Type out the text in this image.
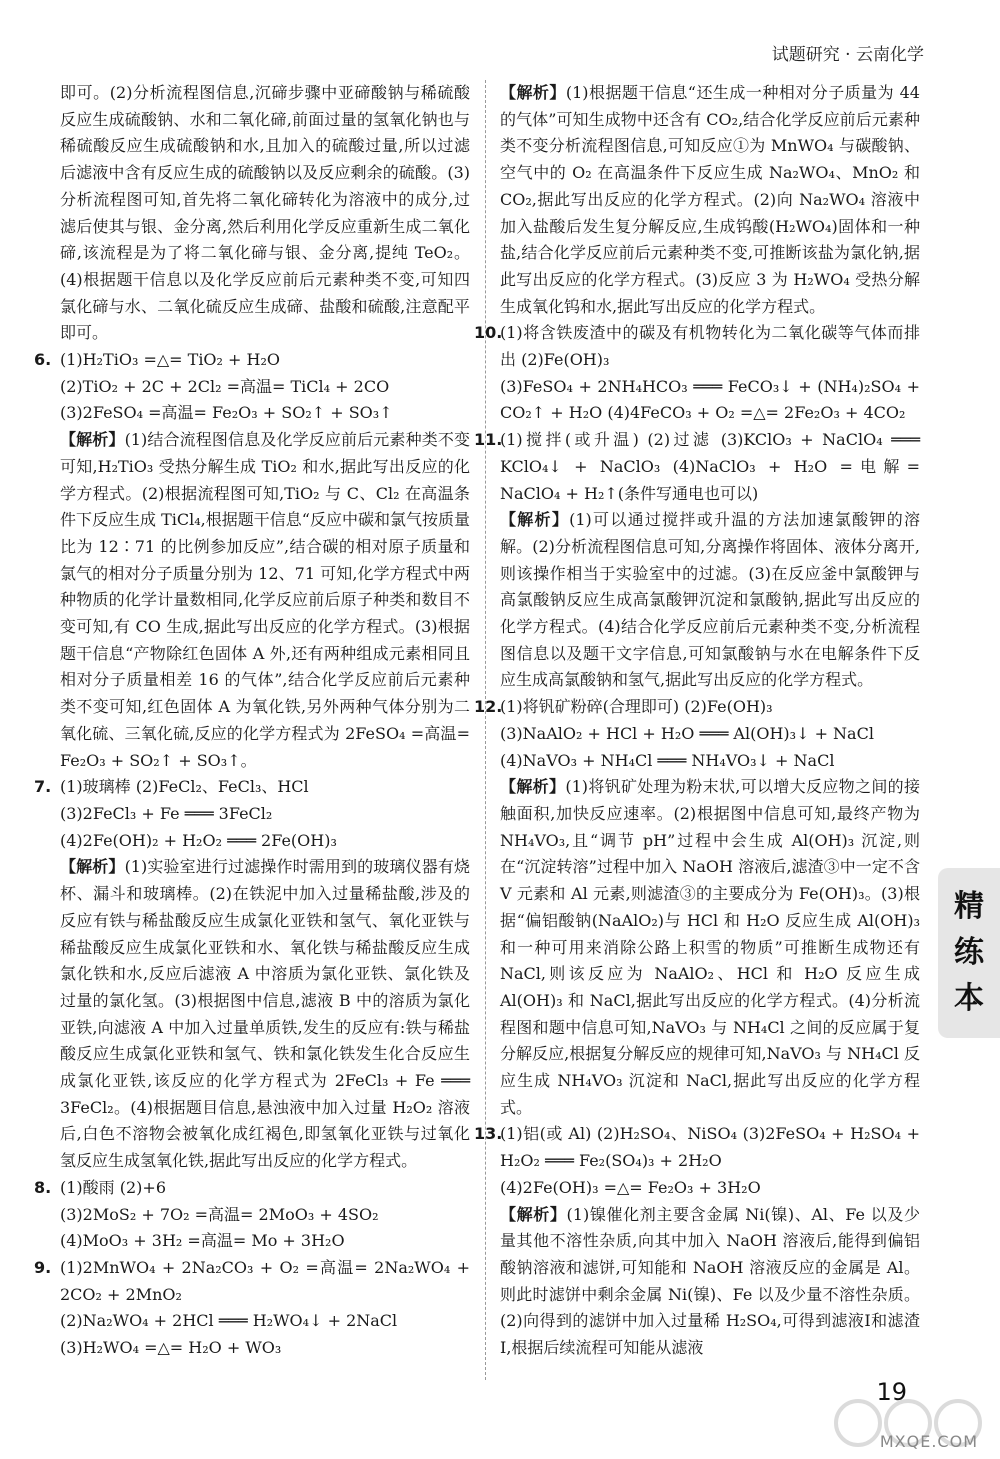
试题研究 · 云南化学

即可。(2)分析流程图信息,沉碲步骤中亚碲酸钠与稀硫酸反应生成硫酸钠、水和二氧化碲,前面过量的氢氧化钠也与稀硫酸反应生成硫酸钠和水,且加入的硫酸过量,所以过滤后滤液中含有反应生成的硫酸钠以及反应剩余的硫酸。(3)分析流程图可知,首先将二氧化碲转化为溶液中的成分,过滤后使其与银、金分离,然后利用化学反应重新生成二氧化碲,该流程是为了将二氧化碲与银、金分离,提纯 TeO₂。(4)根据题干信息以及化学反应前后元素种类不变,可知四氯化碲与水、二氧化硫反应生成碲、盐酸和硫酸,注意配平即可。

6. (1)H₂TiO₃ =△= TiO₂ + H₂O
(2)TiO₂ + 2C + 2Cl₂ =高温= TiCl₄ + 2CO
(3)2FeSO₄ =高温= Fe₂O₃ + SO₂↑ + SO₃↑

【解析】(1)结合流程图信息及化学反应前后元素种类不变可知,H₂TiO₃ 受热分解生成 TiO₂ 和水,据此写出反应的化学方程式。(2)根据流程图可知,TiO₂ 与 C、Cl₂ 在高温条件下反应生成 TiCl₄,根据题干信息“反应中碳和氯气按质量比为 12∶71 的比例参加反应”,结合碳的相对原子质量和氯气的相对分子质量分别为 12、71 可知,化学方程式中两种物质的化学计量数相同,化学反应前后原子种类和数目不变可知,有 CO 生成,据此写出反应的化学方程式。(3)根据题干信息“产物除红色固体 A 外,还有两种组成元素相同且相对分子质量相差 16 的气体”,结合化学反应前后元素种类不变可知,红色固体 A 为氧化铁,另外两种气体分别为二氧化硫、三氧化硫,反应的化学方程式为 2FeSO₄ =高温= Fe₂O₃ + SO₂↑ + SO₃↑。

7. (1)玻璃棒 (2)FeCl₂、FeCl₃、HCl
(3)2FeCl₃ + Fe ═══ 3FeCl₂
(4)2Fe(OH)₂ + H₂O₂ ═══ 2Fe(OH)₃

【解析】(1)实验室进行过滤操作时需用到的玻璃仪器有烧杯、漏斗和玻璃棒。(2)在铁泥中加入过量稀盐酸,涉及的反应有铁与稀盐酸反应生成氯化亚铁和氢气、氧化亚铁与稀盐酸反应生成氯化亚铁和水、氧化铁与稀盐酸反应生成氯化铁和水,反应后滤液 A 中溶质为氯化亚铁、氯化铁及过量的氯化氢。(3)根据图中信息,滤液 B 中的溶质为氯化亚铁,向滤液 A 中加入过量单质铁,发生的反应有:铁与稀盐酸反应生成氯化亚铁和氢气、铁和氯化铁发生化合反应生成氯化亚铁,该反应的化学方程式为 2FeCl₃ + Fe ═══ 3FeCl₂。(4)根据题目信息,悬浊液中加入过量 H₂O₂ 溶液后,白色不溶物会被氧化成红褐色,即氢氧化亚铁与过氧化氢反应生成氢氧化铁,据此写出反应的化学方程式。

8. (1)酸雨 (2)+6
(3)2MoS₂ + 7O₂ =高温= 2MoO₃ + 4SO₂
(4)MoO₃ + 3H₂ =高温= Mo + 3H₂O
9. (1)2MnWO₄ + 2Na₂CO₃ + O₂ =高温= 2Na₂WO₄ + 2CO₂ + 2MnO₂
(2)Na₂WO₄ + 2HCl ═══ H₂WO₄↓ + 2NaCl
(3)H₂WO₄ =△= H₂O + WO₃

【解析】(1)根据题干信息“还生成一种相对分子质量为 44 的气体”可知生成物中还含有 CO₂,结合化学反应前后元素种类不变分析流程图信息,可知反应①为 MnWO₄ 与碳酸钠、空气中的 O₂ 在高温条件下反应生成 Na₂WO₄、MnO₂ 和 CO₂,据此写出反应的化学方程式。(2)向 Na₂WO₄ 溶液中加入盐酸后发生复分解反应,生成钨酸(H₂WO₄)固体和一种盐,结合化学反应前后元素种类不变,可推断该盐为氯化钠,据此写出反应的化学方程式。(3)反应 3 为 H₂WO₄ 受热分解生成氧化钨和水,据此写出反应的化学方程式。

10.
(1)将含铁废渣中的碳及有机物转化为二氧化碳等气体而排出 (2)Fe(OH)₃
(3)FeSO₄ + 2NH₄HCO₃ ═══ FeCO₃↓ + (NH₄)₂SO₄ + CO₂↑ + H₂O (4)4FeCO₃ + O₂ =△= 2Fe₂O₃ + 4CO₂
11.
(1)搅拌(或升温) (2)过滤 (3)KClO₃ + NaClO₄ ═══ KClO₄↓ + NaClO₃ (4)NaClO₃ + H₂O =电解= NaClO₄ + H₂↑(条件写通电也可以)

【解析】(1)可以通过搅拌或升温的方法加速氯酸钾的溶解。(2)分析流程图信息可知,分离操作将固体、液体分离开,则该操作相当于实验室中的过滤。(3)在反应釜中氯酸钾与高氯酸钠反应生成高氯酸钾沉淀和氯酸钠,据此写出反应的化学方程式。(4)结合化学反应前后元素种类不变,分析流程图信息以及题干文字信息,可知氯酸钠与水在电解条件下反应生成高氯酸钠和氢气,据此写出反应的化学方程式。

12.
(1)将钒矿粉碎(合理即可) (2)Fe(OH)₃
(3)NaAlO₂ + HCl + H₂O ═══ Al(OH)₃↓ + NaCl
(4)NaVO₃ + NH₄Cl ═══ NH₄VO₃↓ + NaCl

【解析】(1)将钒矿处理为粉末状,可以增大反应物之间的接触面积,加快反应速率。(2)根据图中信息可知,最终产物为 NH₄VO₃,且“调节 pH”过程中会生成 Al(OH)₃ 沉淀,则在“沉淀转溶”过程中加入 NaOH 溶液后,滤渣③中一定不含 V 元素和 Al 元素,则滤渣③的主要成分为 Fe(OH)₃。(3)根据“偏铝酸钠(NaAlO₂)与 HCl 和 H₂O 反应生成 Al(OH)₃ 和一种可用来消除公路上积雪的物质”可推断生成物还有 NaCl,则该反应为 NaAlO₂、HCl 和 H₂O 反应生成 Al(OH)₃ 和 NaCl,据此写出反应的化学方程式。(4)分析流程图和题中信息可知,NaVO₃ 与 NH₄Cl 之间的反应属于复分解反应,根据复分解反应的规律可知,NaVO₃ 与 NH₄Cl 反应生成 NH₄VO₃ 沉淀和 NaCl,据此写出反应的化学方程式。

13.
(1)铝(或 Al) (2)H₂SO₄、NiSO₄ (3)2FeSO₄ + H₂SO₄ + H₂O₂ ═══ Fe₂(SO₄)₃ + 2H₂O
(4)2Fe(OH)₃ =△= Fe₂O₃ + 3H₂O

【解析】(1)镍催化剂主要含金属 Ni(镍)、Al、Fe 以及少量其他不溶性杂质,向其中加入 NaOH 溶液后,能得到偏铝酸钠溶液和滤饼,可知能和 NaOH 溶液反应的金属是 Al。则此时滤饼中剩余金属 Ni(镍)、Fe 以及少量不溶性杂质。(2)向得到的滤饼中加入过量稀 H₂SO₄,可得到滤液Ⅰ和滤渣Ⅰ,根据后续流程可知能从滤液

精
练
本
19
MXQE.COM
